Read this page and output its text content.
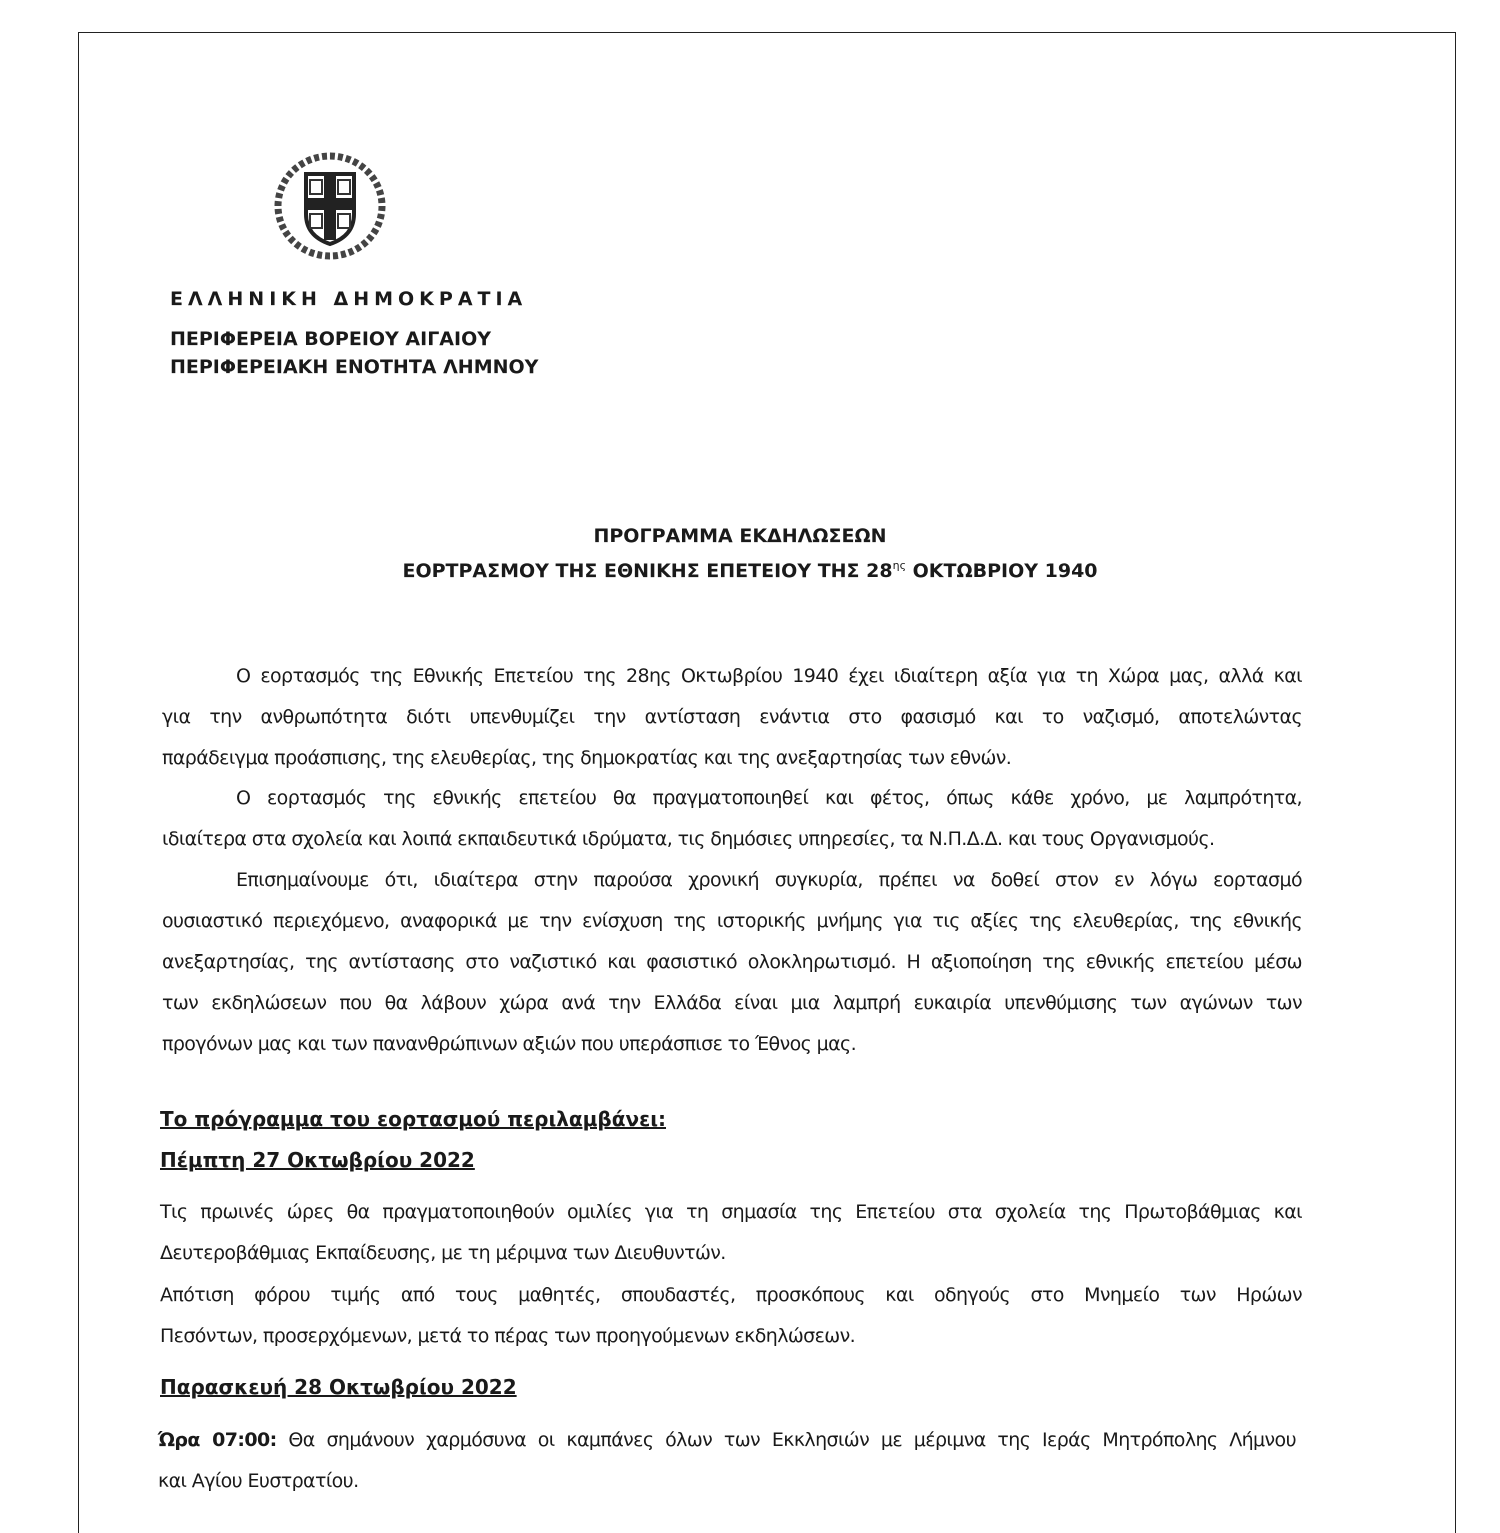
ΕΛΛΗΝΙΚΗ ΔΗΜΟΚΡΑΤΙΑ
ΠΕΡΙΦΕΡΕΙΑ ΒΟΡΕΙΟΥ ΑΙΓΑΙΟΥ
ΠΕΡΙΦΕΡΕΙΑΚΗ ΕΝΟΤΗΤΑ ΛΗΜΝΟΥ
ΠΡΟΓΡΑΜΜΑ ΕΚΔΗΛΩΣΕΩΝ
ΕΟΡΤΡΑΣΜΟΥ ΤΗΣ ΕΘΝΙΚΗΣ ΕΠΕΤΕΙΟΥ ΤΗΣ $28^{\eta\varsigma}$ ΟΚΤΩΒΡΙΟΥ 1940
Ο εορτασμός της Εθνικής Επετείου της 28ης Οκτωβρίου 1940 έχει ιδιαίτερη αξία για τη Χώρα μας, αλλά και
για την ανθρωπότητα διότι υπενθυμίζει την αντίσταση ενάντια στο φασισμό και το ναζισμό, αποτελώντας
παράδειγμα προάσπισης, της ελευθερίας, της δημοκρατίας και της ανεξαρτησίας των εθνών.
Ο εορτασμός της εθνικής επετείου θα πραγματοποιηθεί και φέτος, όπως κάθε χρόνο, με λαμπρότητα,
ιδιαίτερα στα σχολεία και λοιπά εκπαιδευτικά ιδρύματα, τις δημόσιες υπηρεσίες, τα Ν.Π.Δ.Δ. και τους Οργανισμούς.
Επισημαίνουμε ότι, ιδιαίτερα στην παρούσα χρονική συγκυρία, πρέπει να δοθεί στον εν λόγω εορτασμό
ουσιαστικό περιεχόμενο, αναφορικά με την ενίσχυση της ιστορικής μνήμης για τις αξίες της ελευθερίας, της εθνικής
ανεξαρτησίας, της αντίστασης στο ναζιστικό και φασιστικό ολοκληρωτισμό. Η αξιοποίηση της εθνικής επετείου μέσω
των εκδηλώσεων που θα λάβουν χώρα ανά την Ελλάδα είναι μια λαμπρή ευκαιρία υπενθύμισης των αγώνων των
προγόνων μας και των πανανθρώπινων αξιών που υπεράσπισε το Έθνος μας.
Το πρόγραμμα του εορτασμού περιλαμβάνει:
Πέμπτη 27 Οκτωβρίου 2022
Τις πρωινές ώρες θα πραγματοποιηθούν ομιλίες για τη σημασία της Επετείου στα σχολεία της Πρωτοβάθμιας και
Δευτεροβάθμιας Εκπαίδευσης, με τη μέριμνα των Διευθυντών.
Απότιση φόρου τιμής από τους μαθητές, σπουδαστές, προσκόπους και οδηγούς στο Μνημείο των Ηρώων
Πεσόντων, προσερχόμενων, μετά το πέρας των προηγούμενων εκδηλώσεων.
Παρασκευή 28 Οκτωβρίου 2022
Ώρα 07:00: Θα σημάνουν χαρμόσυνα οι καμπάνες όλων των Εκκλησιών με μέριμνα της Ιεράς Μητρόπολης Λήμνου
και Αγίου Ευστρατίου.
